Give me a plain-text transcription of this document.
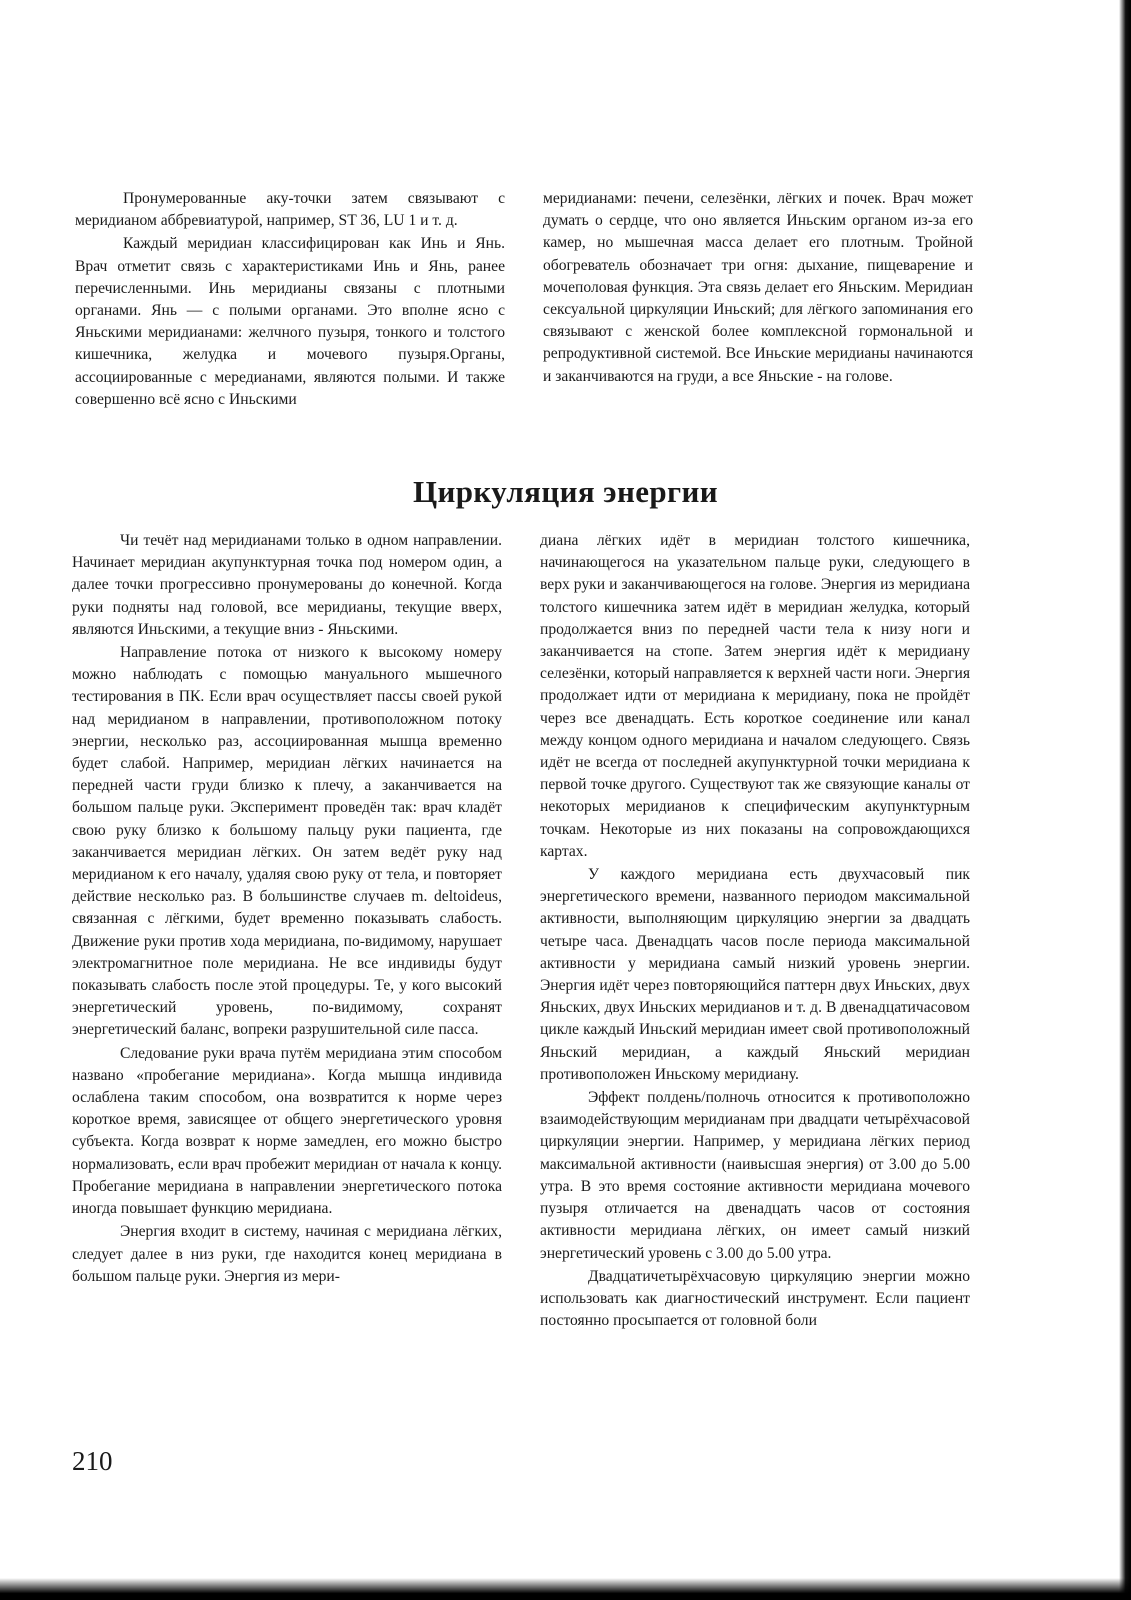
Пронумерованные аку-точки затем связывают с меридианом аббревиатурой, например, ST 36, LU 1 и т. д.

Каждый меридиан классифицирован как Инь и Янь. Врач отметит связь с характеристиками Инь и Янь, ранее перечисленными. Инь меридианы связаны с плотными органами. Янь — с полыми органами. Это вполне ясно с Яньскими меридианами: желчного пузыря, тонкого и толстого кишечника, желудка и мочевого пузыря.Органы, ассоциированные с мередианами, являются полыми. И также совершенно всё ясно с Иньскими

меридианами: печени, селезёнки, лёгких и почек. Врач может думать о сердце, что оно является Иньским органом из-за его камер, но мышечная масса делает его плотным. Тройной обогреватель обозначает три огня: дыхание, пищеварение и мочеполовая функция. Эта связь делает его Яньским. Меридиан сексуальной циркуляции Иньский; для лёгкого запоминания его связывают с женской более комплексной гормональной и репродуктивной системой. Все Иньские меридианы начинаются и заканчиваются на груди, а все Яньские - на голове.

Циркуляция энергии

Чи течёт над меридианами только в одном направлении. Начинает меридиан акупунктурная точка под номером один, а далее точки прогрессивно пронумерованы до конечной. Когда руки подняты над головой, все меридианы, текущие вверх, являются Иньскими, а текущие вниз - Яньскими.

Направление потока от низкого к высокому номеру можно наблюдать с помощью мануального мышечного тестирования в ПК. Если врач осуществляет пассы своей рукой над меридианом в направлении, противоположном потоку энергии, несколько раз, ассоциированная мышца временно будет слабой. Например, меридиан лёгких начинается на передней части груди близко к плечу, а заканчивается на большом пальце руки. Эксперимент проведён так: врач кладёт свою руку близко к большому пальцу руки пациента, где заканчивается меридиан лёгких. Он затем ведёт руку над меридианом к его началу, удаляя свою руку от тела, и повторяет действие несколько раз. В большинстве случаев m. deltoideus, связанная с лёгкими, будет временно показывать слабость. Движение руки против хода меридиана, по-видимому, нарушает электромагнитное поле меридиана. Не все индивиды будут показывать слабость после этой процедуры. Те, у кого высокий энергетический уровень, по-видимому, сохранят энергетический баланс, вопреки разрушительной силе пасса.

Следование руки врача путём меридиана этим способом названо «пробегание меридиана». Когда мышца индивида ослаблена таким способом, она возвратится к норме через короткое время, зависящее от общего энергетического уровня субъекта. Когда возврат к норме замедлен, его можно быстро нормализовать, если врач пробежит меридиан от начала к концу. Пробегание меридиана в направлении энергетического потока иногда повышает функцию меридиана.

Энергия входит в систему, начиная с меридиана лёгких, следует далее в низ руки, где находится конец меридиана в большом пальце руки. Энергия из мери-

диана лёгких идёт в меридиан толстого кишечника, начинающегося на указательном пальце руки, следующего в верх руки и заканчивающегося на голове. Энергия из меридиана толстого кишечника затем идёт в меридиан желудка, который продолжается вниз по передней части тела к низу ноги и заканчивается на стопе. Затем энергия идёт к меридиану селезёнки, который направляется к верхней части ноги. Энергия продолжает идти от меридиана к меридиану, пока не пройдёт через все двенадцать. Есть короткое соединение или канал между концом одного меридиана и началом следующего. Связь идёт не всегда от последней акупунктурной точки меридиана к первой точке другого. Существуют так же связующие каналы от некоторых меридианов к специфическим акупунктурным точкам. Некоторые из них показаны на сопровождающихся картах.

У каждого меридиана есть двухчасовый пик энергетического времени, названного периодом максимальной активности, выполняющим циркуляцию энергии за двадцать четыре часа. Двенадцать часов после периода максимальной активности у меридиана самый низкий уровень энергии. Энергия идёт через повторяющийся паттерн двух Иньских, двух Яньских, двух Иньских меридианов и т. д. В двенадцатичасовом цикле каждый Иньский меридиан имеет свой противоположный Яньский меридиан, а каждый Яньский меридиан противоположен Иньскому меридиану.

Эффект полдень/полночь относится к противоположно взаимодействующим меридианам при двадцати четырёхчасовой циркуляции энергии. Например, у меридиана лёгких период максимальной активности (наивысшая энергия) от 3.00 до 5.00 утра. В это время состояние активности меридиана мочевого пузыря отличается на двенадцать часов от состояния активности меридиана лёгких, он имеет самый низкий энергетический уровень с 3.00 до 5.00 утра.

Двадцатичетырёхчасовую циркуляцию энергии можно использовать как диагностический инструмент. Если пациент постоянно просыпается от головной боли

210
